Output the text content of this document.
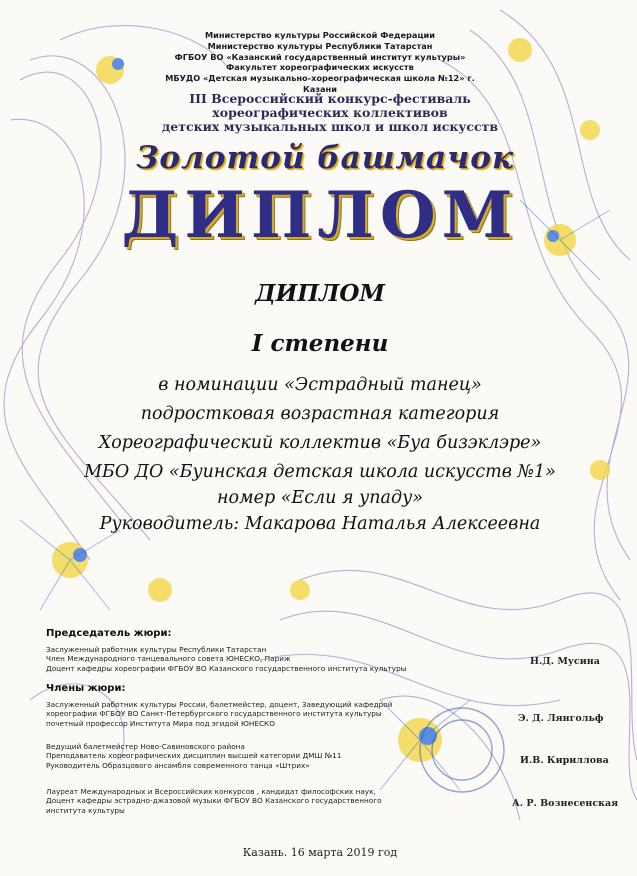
Министерство культуры Российской Федерации
Министерство культуры Республики Татарстан
ФГБОУ ВО «Казанский государственный институт культуры»
Факультет хореографических искусств
МБУДО «Детская музыкально-хореографическая школа №12» г. Казани
III Всероссийский конкурс-фестиваль
хореографических коллективов
детских музыкальных школ и школ искусств
Золотой башмачок
ДИПЛОМ
ДИПЛОМ
I степени
в номинации «Эстрадный танец»
подростковая возрастная категория
Хореографический коллектив «Буа бизэклэре»
МБО ДО «Буинская детская школа искусств №1»
номер «Если я упаду»
Руководитель: Макарова Наталья Алексеевна
Председатель жюри:
Заслуженный работник культуры Республики Татарстан
Член Международного танцевального совета ЮНЕСКО, Париж
Доцент кафедры хореографии ФГБОУ ВО Казанского государственного института культуры
Н.Д. Мусина
Члены жюри:
Заслуженный работник культуры России, балетмейстер, доцент, Заведующий кафедрой
хореографии ФГБОУ ВО Санкт-Петербургского государственного института культуры
почетный профессор Института Мира под эгидой ЮНЕСКО	Э. Д. Лянгольф
Ведущий балетмейстер Ново-Савиновского района
Преподаватель хореографических дисциплин высшей категории ДМШ №11
Руководитель Образцового ансамбля современного танца «Штрих»	И.В. Кириллова
Лауреат Международных и Всероссийских конкурсов , кандидат философских наук,
Доцент кафедры эстрадно-джазовой музыки ФГБОУ ВО Казанского государственного
института культуры
А. Р. Вознесенская
Казань. 16 марта 2019 год
